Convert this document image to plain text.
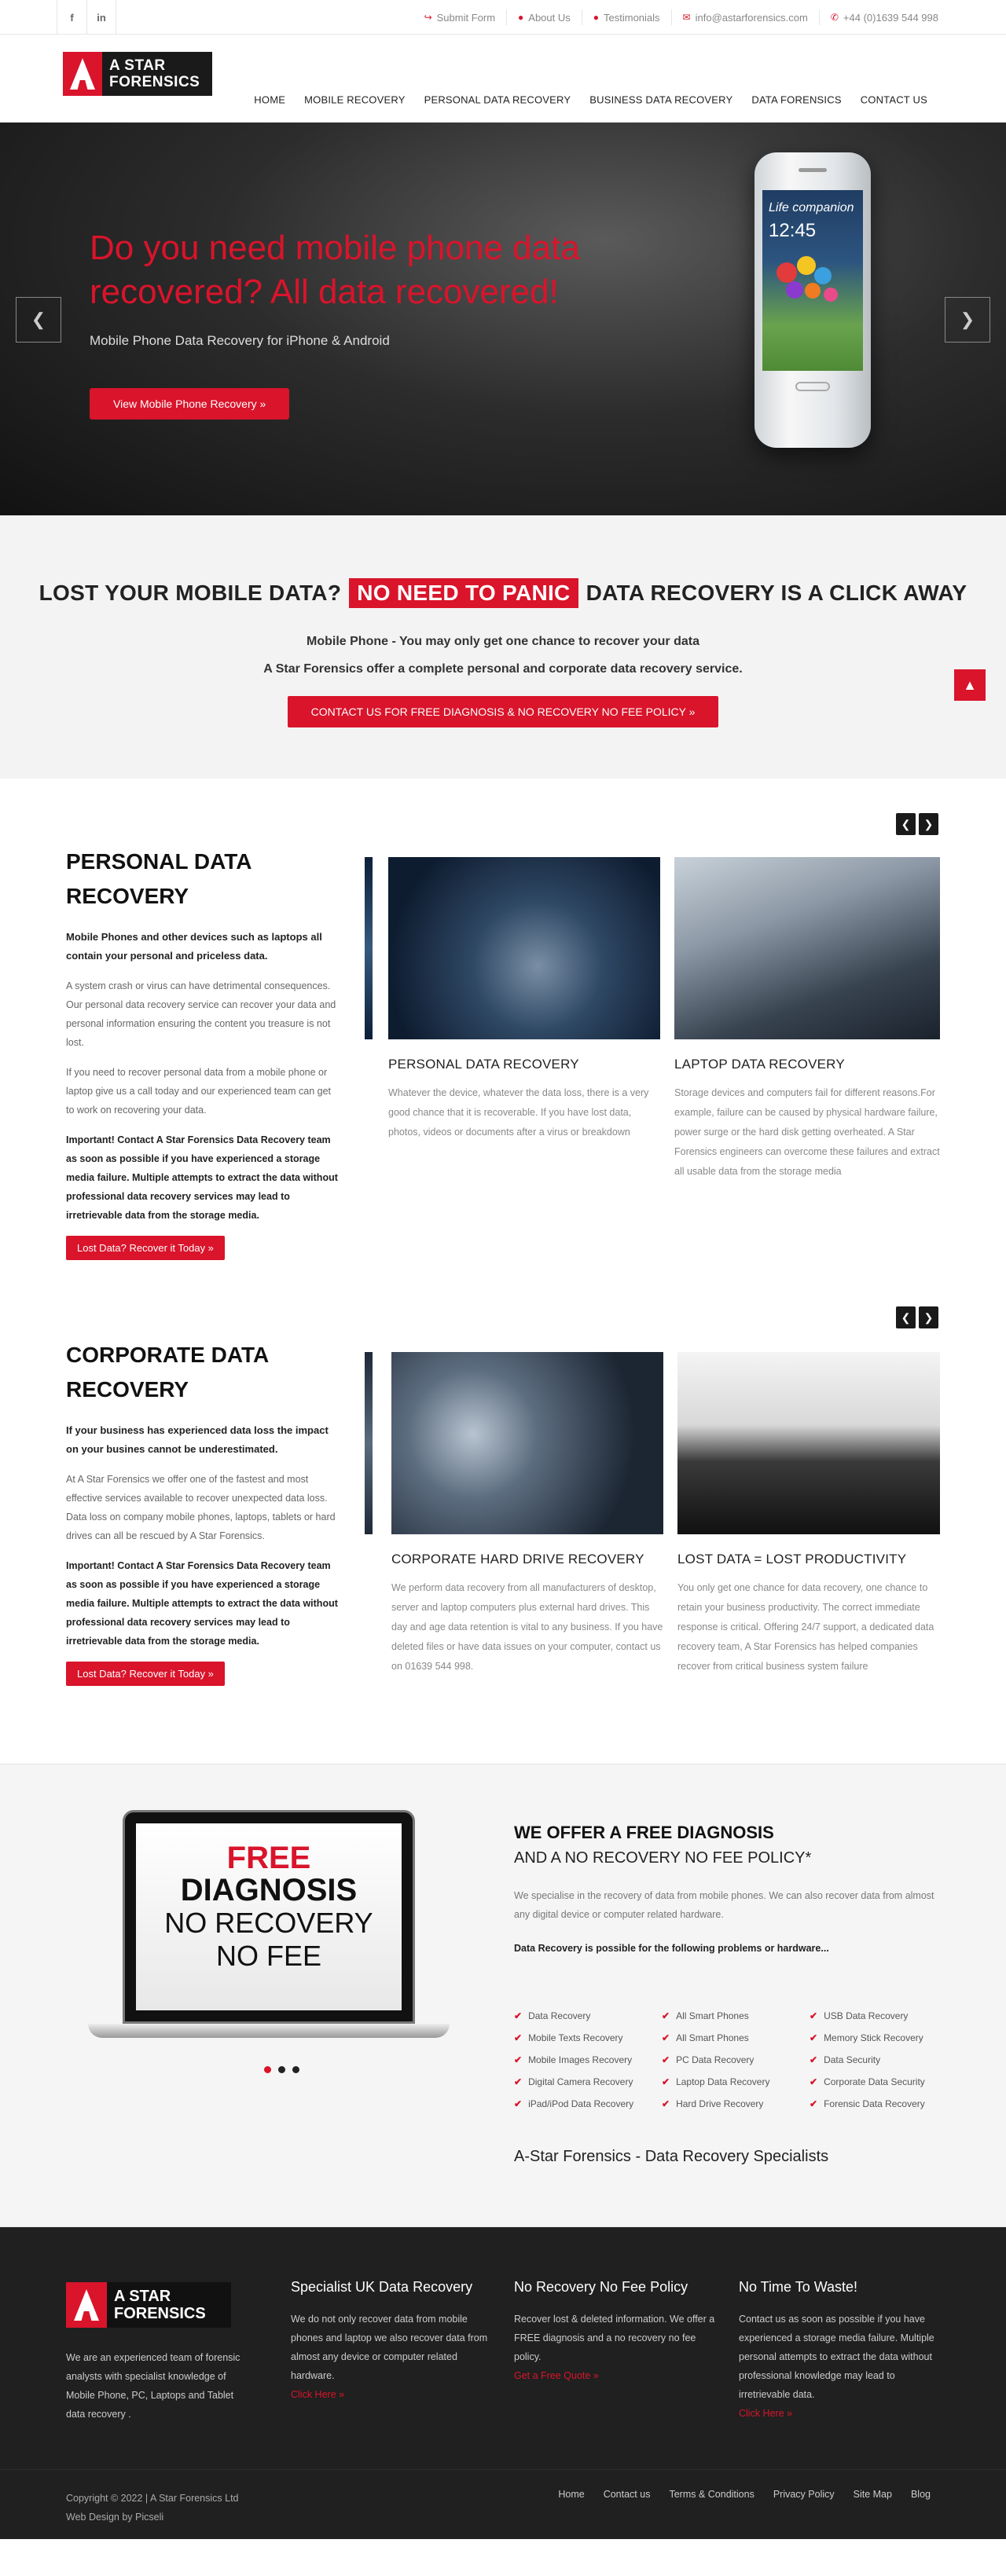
f	in	↪ Submit Form ● About Us ● Testimonials ✉ info@astarforensics.com ✆ +44 (0)1639 544 998
A STAR
FORENSICS
HOME MOBILE RECOVERY PERSONAL DATA RECOVERY BUSINESS DATA RECOVERY DATA FORENSICS CONTACT US
Do you need mobile phone data recovered? All data recovered!
Mobile Phone Data Recovery for iPhone & Android
View Mobile Phone Recovery »
❮	❯
Life companion
12:45
LOST YOUR MOBILE DATA? NO NEED TO PANIC DATA RECOVERY IS A CLICK AWAY
Mobile Phone - You may only get one chance to recover your data
A Star Forensics offer a complete personal and corporate data recovery service.
CONTACT US FOR FREE DIAGNOSIS & NO RECOVERY NO FEE POLICY »
▲
❮	❯
PERSONAL DATA RECOVERY
Mobile Phones and other devices such as laptops all contain your personal and priceless data.
A system crash or virus can have detrimental consequences. Our personal data recovery service can recover your data and personal information ensuring the content you treasure is not lost.
If you need to recover personal data from a mobile phone or laptop give us a call today and our experienced team can get to work on recovering your data.
Important! Contact A Star Forensics Data Recovery team as soon as possible if you have experienced a storage media failure. Multiple attempts to extract the data without professional data recovery services may lead to irretrievable data from the storage media.
Lost Data? Recover it Today »
PERSONAL DATA RECOVERY

Whatever the device, whatever the data loss, there is a very good chance that it is recoverable. If you have lost data, photos, videos or documents after a virus or breakdown

LAPTOP DATA RECOVERY

Storage devices and computers fail for different reasons.For example, failure can be caused by physical hardware failure, power surge or the hard disk getting overheated. A Star Forensics engineers can overcome these failures and extract all usable data from the storage media

❮	❯
CORPORATE DATA RECOVERY
If your business has experienced data loss the impact on your busines cannot be underestimated.
At A Star Forensics we offer one of the fastest and most effective services available to recover unexpected data loss. Data loss on company mobile phones, laptops, tablets or hard drives can all be rescued by A Star Forensics.
Important! Contact A Star Forensics Data Recovery team as soon as possible if you have experienced a storage media failure. Multiple attempts to extract the data without professional data recovery services may lead to irretrievable data from the storage media.
Lost Data? Recover it Today »
CORPORATE HARD DRIVE RECOVERY

We perform data recovery from all manufacturers of desktop, server and laptop computers plus external hard drives. This day and age data retention is vital to any business. If you have deleted files or have data issues on your computer, contact us on 01639 544 998.

LOST DATA = LOST PRODUCTIVITY

You only get one chance for data recovery, one chance to retain your business productivity. The correct immediate response is critical. Offering 24/7 support, a dedicated data recovery team, A Star Forensics has helped companies recover from critical business system failure

FREE
DIAGNOSIS
NO RECOVERY
NO FEE
WE OFFER A FREE DIAGNOSIS
AND A NO RECOVERY NO FEE POLICY*
We specialise in the recovery of data from mobile phones. We can also recover data from almost any digital device or computer related hardware.
Data Recovery is possible for the following problems or hardware...
✔ Data Recovery	✔ All Smart Phones	✔ USB Data Recovery
✔ Mobile Texts Recovery	✔ All Smart Phones	✔ Memory Stick Recovery
✔ Mobile Images Recovery	✔ PC Data Recovery	✔ Data Security
✔ Digital Camera Recovery	✔ Laptop Data Recovery	✔ Corporate Data Security
✔ iPad/iPod Data Recovery	✔ Hard Drive Recovery	✔ Forensic Data Recovery
A-Star Forensics - Data Recovery Specialists
A STAR
FORENSICS
We are an experienced team of forensic analysts with specialist knowledge of Mobile Phone, PC, Laptops and Tablet data recovery .
Specialist UK Data Recovery

We do not only recover data from mobile phones and laptop we also recover data from almost any device or computer related hardware.
Click Here »

No Recovery No Fee Policy

Recover lost & deleted information. We offer a FREE diagnosis and a no recovery no fee policy.
Get a Free Quote »

No Time To Waste!

Contact us as soon as possible if you have experienced a storage media failure. Multiple personal attempts to extract the data without professional knowledge may lead to irretrievable data.
Click Here »

Copyright © 2022 | A Star Forensics Ltd
Web Design by Picseli
Home Contact us Terms & Conditions Privacy Policy Site Map Blog
